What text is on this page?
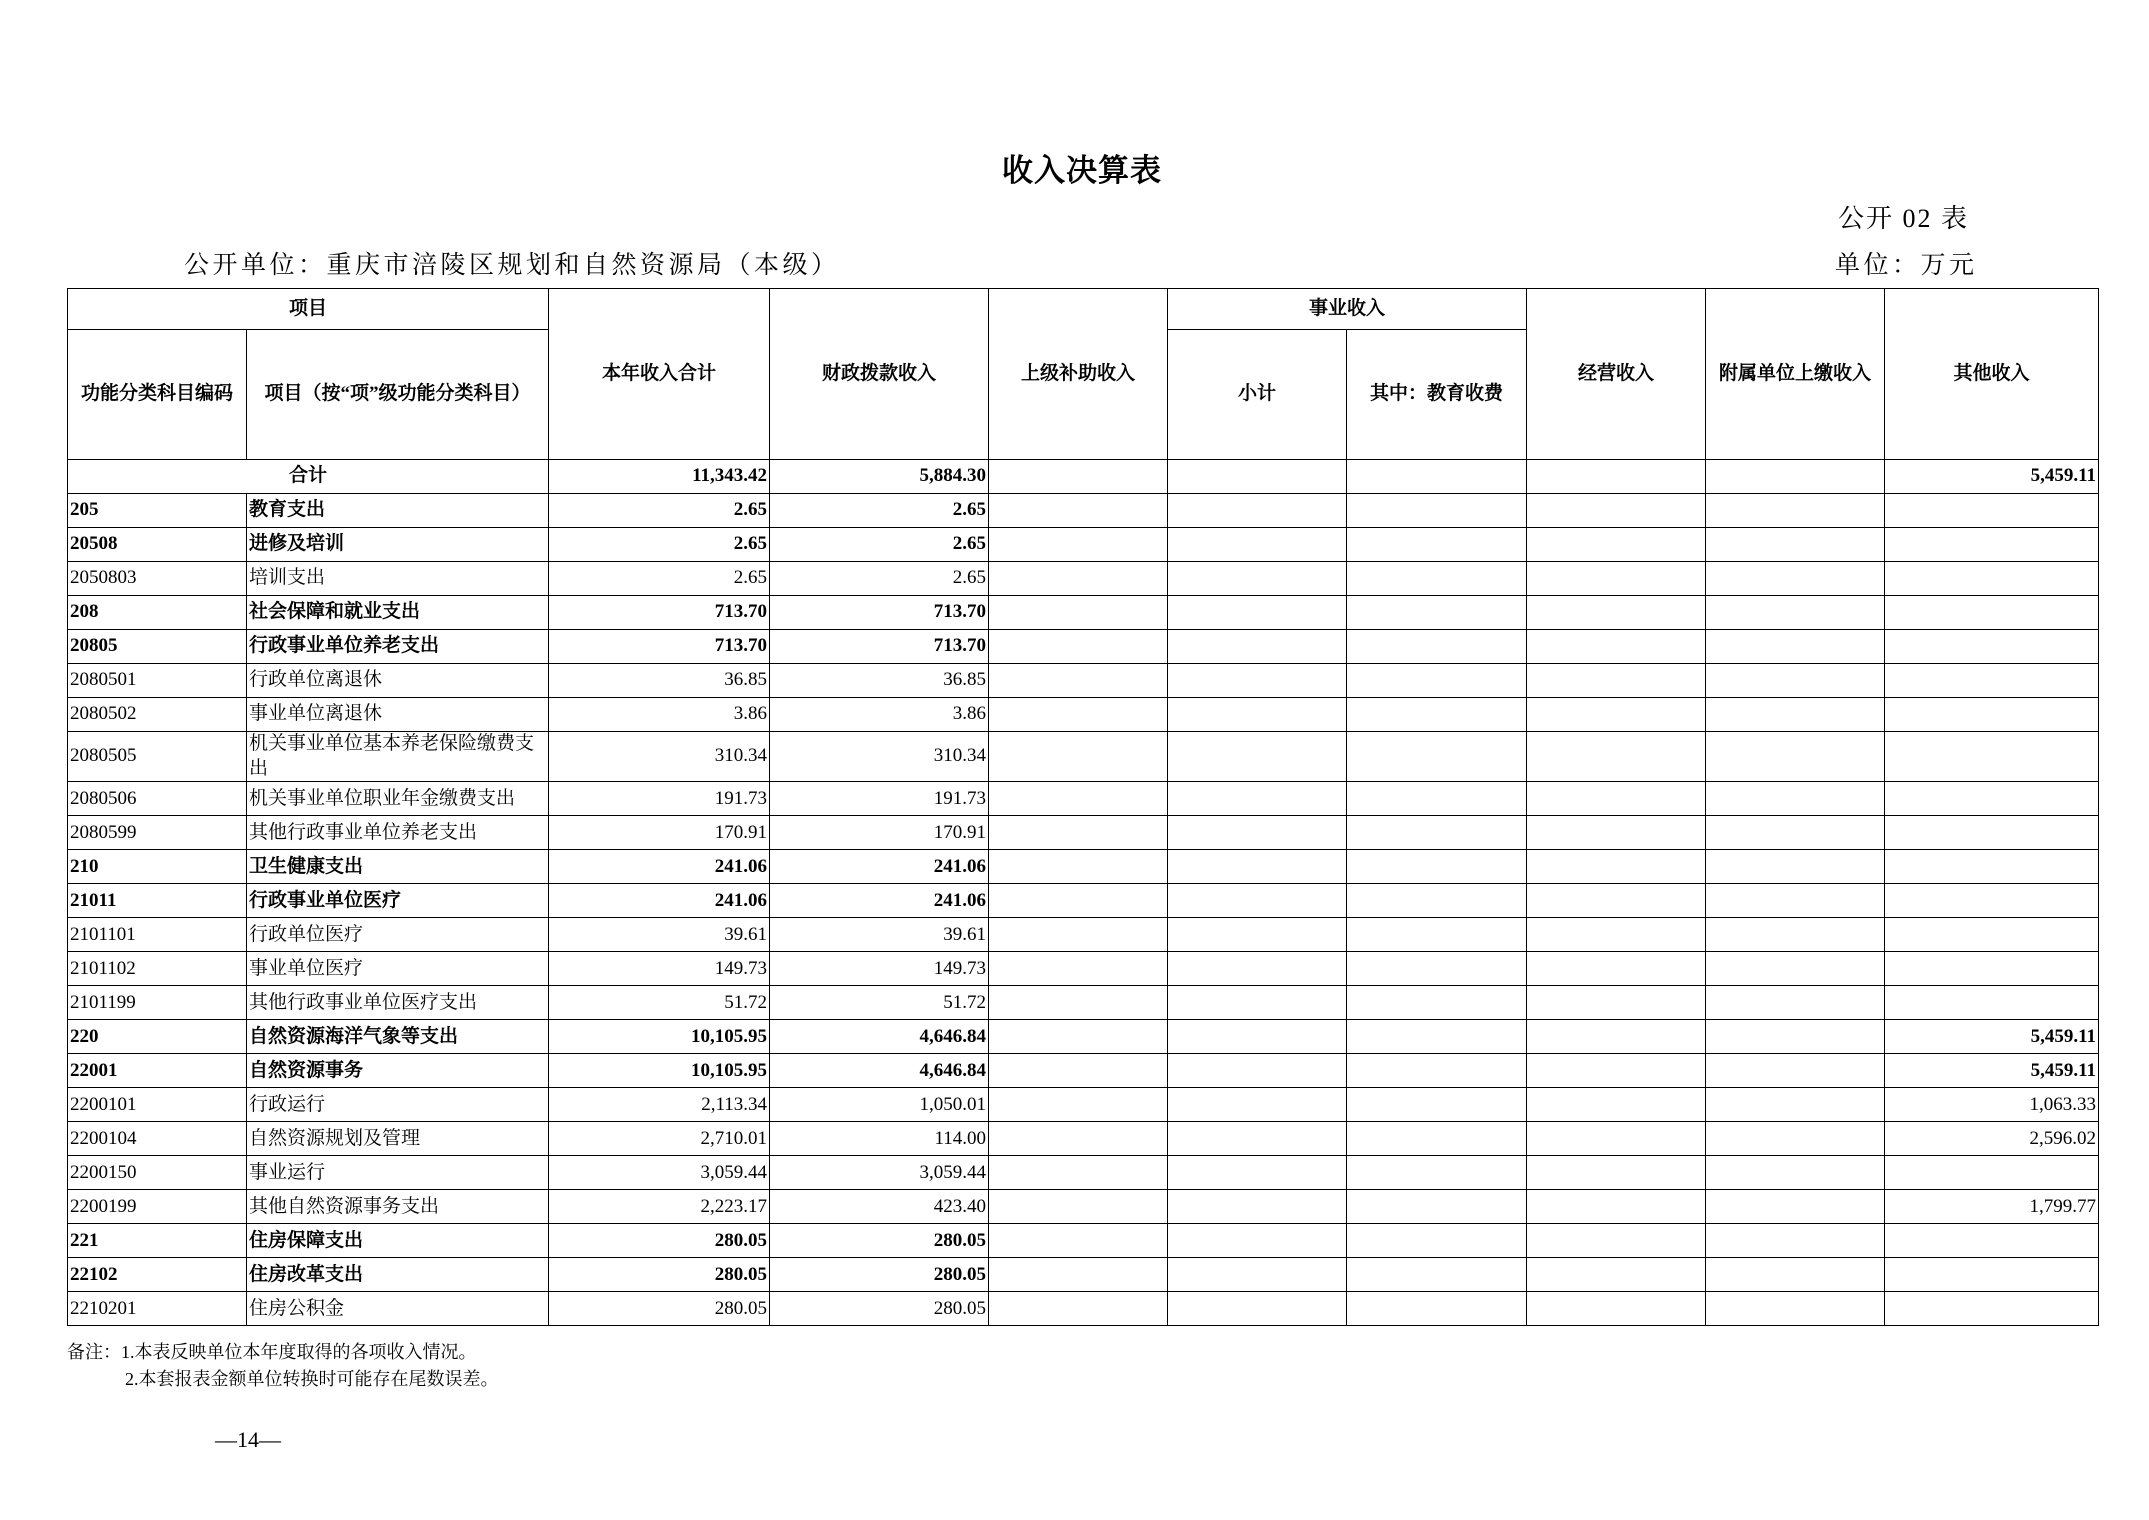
收入决算表
公开 02 表
公开单位：重庆市涪陵区规划和自然资源局（本级）	单位：万元
项目		本年收入合计	财政拨款收入	上级补助收入	事业收入		经营收入	附属单位上缴收入	其他收入
功能分类科目编码	项目（按“项”级功能分类科目）				小计	其中：教育收费			
合计		11,343.42	5,884.30						5,459.11
205	教育支出	2.65	2.65						
20508	进修及培训	2.65	2.65						
2050803	培训支出	2.65	2.65						
208	社会保障和就业支出	713.70	713.70						
20805	行政事业单位养老支出	713.70	713.70						
2080501	行政单位离退休	36.85	36.85						
2080502	事业单位离退休	3.86	3.86						
2080505	机关事业单位基本养老保险缴费支出	310.34	310.34						
2080506	机关事业单位职业年金缴费支出	191.73	191.73						
2080599	其他行政事业单位养老支出	170.91	170.91						
210	卫生健康支出	241.06	241.06						
21011	行政事业单位医疗	241.06	241.06						
2101101	行政单位医疗	39.61	39.61						
2101102	事业单位医疗	149.73	149.73						
2101199	其他行政事业单位医疗支出	51.72	51.72						
220	自然资源海洋气象等支出	10,105.95	4,646.84						5,459.11
22001	自然资源事务	10,105.95	4,646.84						5,459.11
2200101	行政运行	2,113.34	1,050.01						1,063.33
2200104	自然资源规划及管理	2,710.01	114.00						2,596.02
2200150	事业运行	3,059.44	3,059.44						
2200199	其他自然资源事务支出	2,223.17	423.40						1,799.77
221	住房保障支出	280.05	280.05						
22102	住房改革支出	280.05	280.05						
2210201	住房公积金	280.05	280.05						
备注：1.本表反映单位本年度取得的各项收入情况。
2.本套报表金额单位转换时可能存在尾数误差。
—14—
